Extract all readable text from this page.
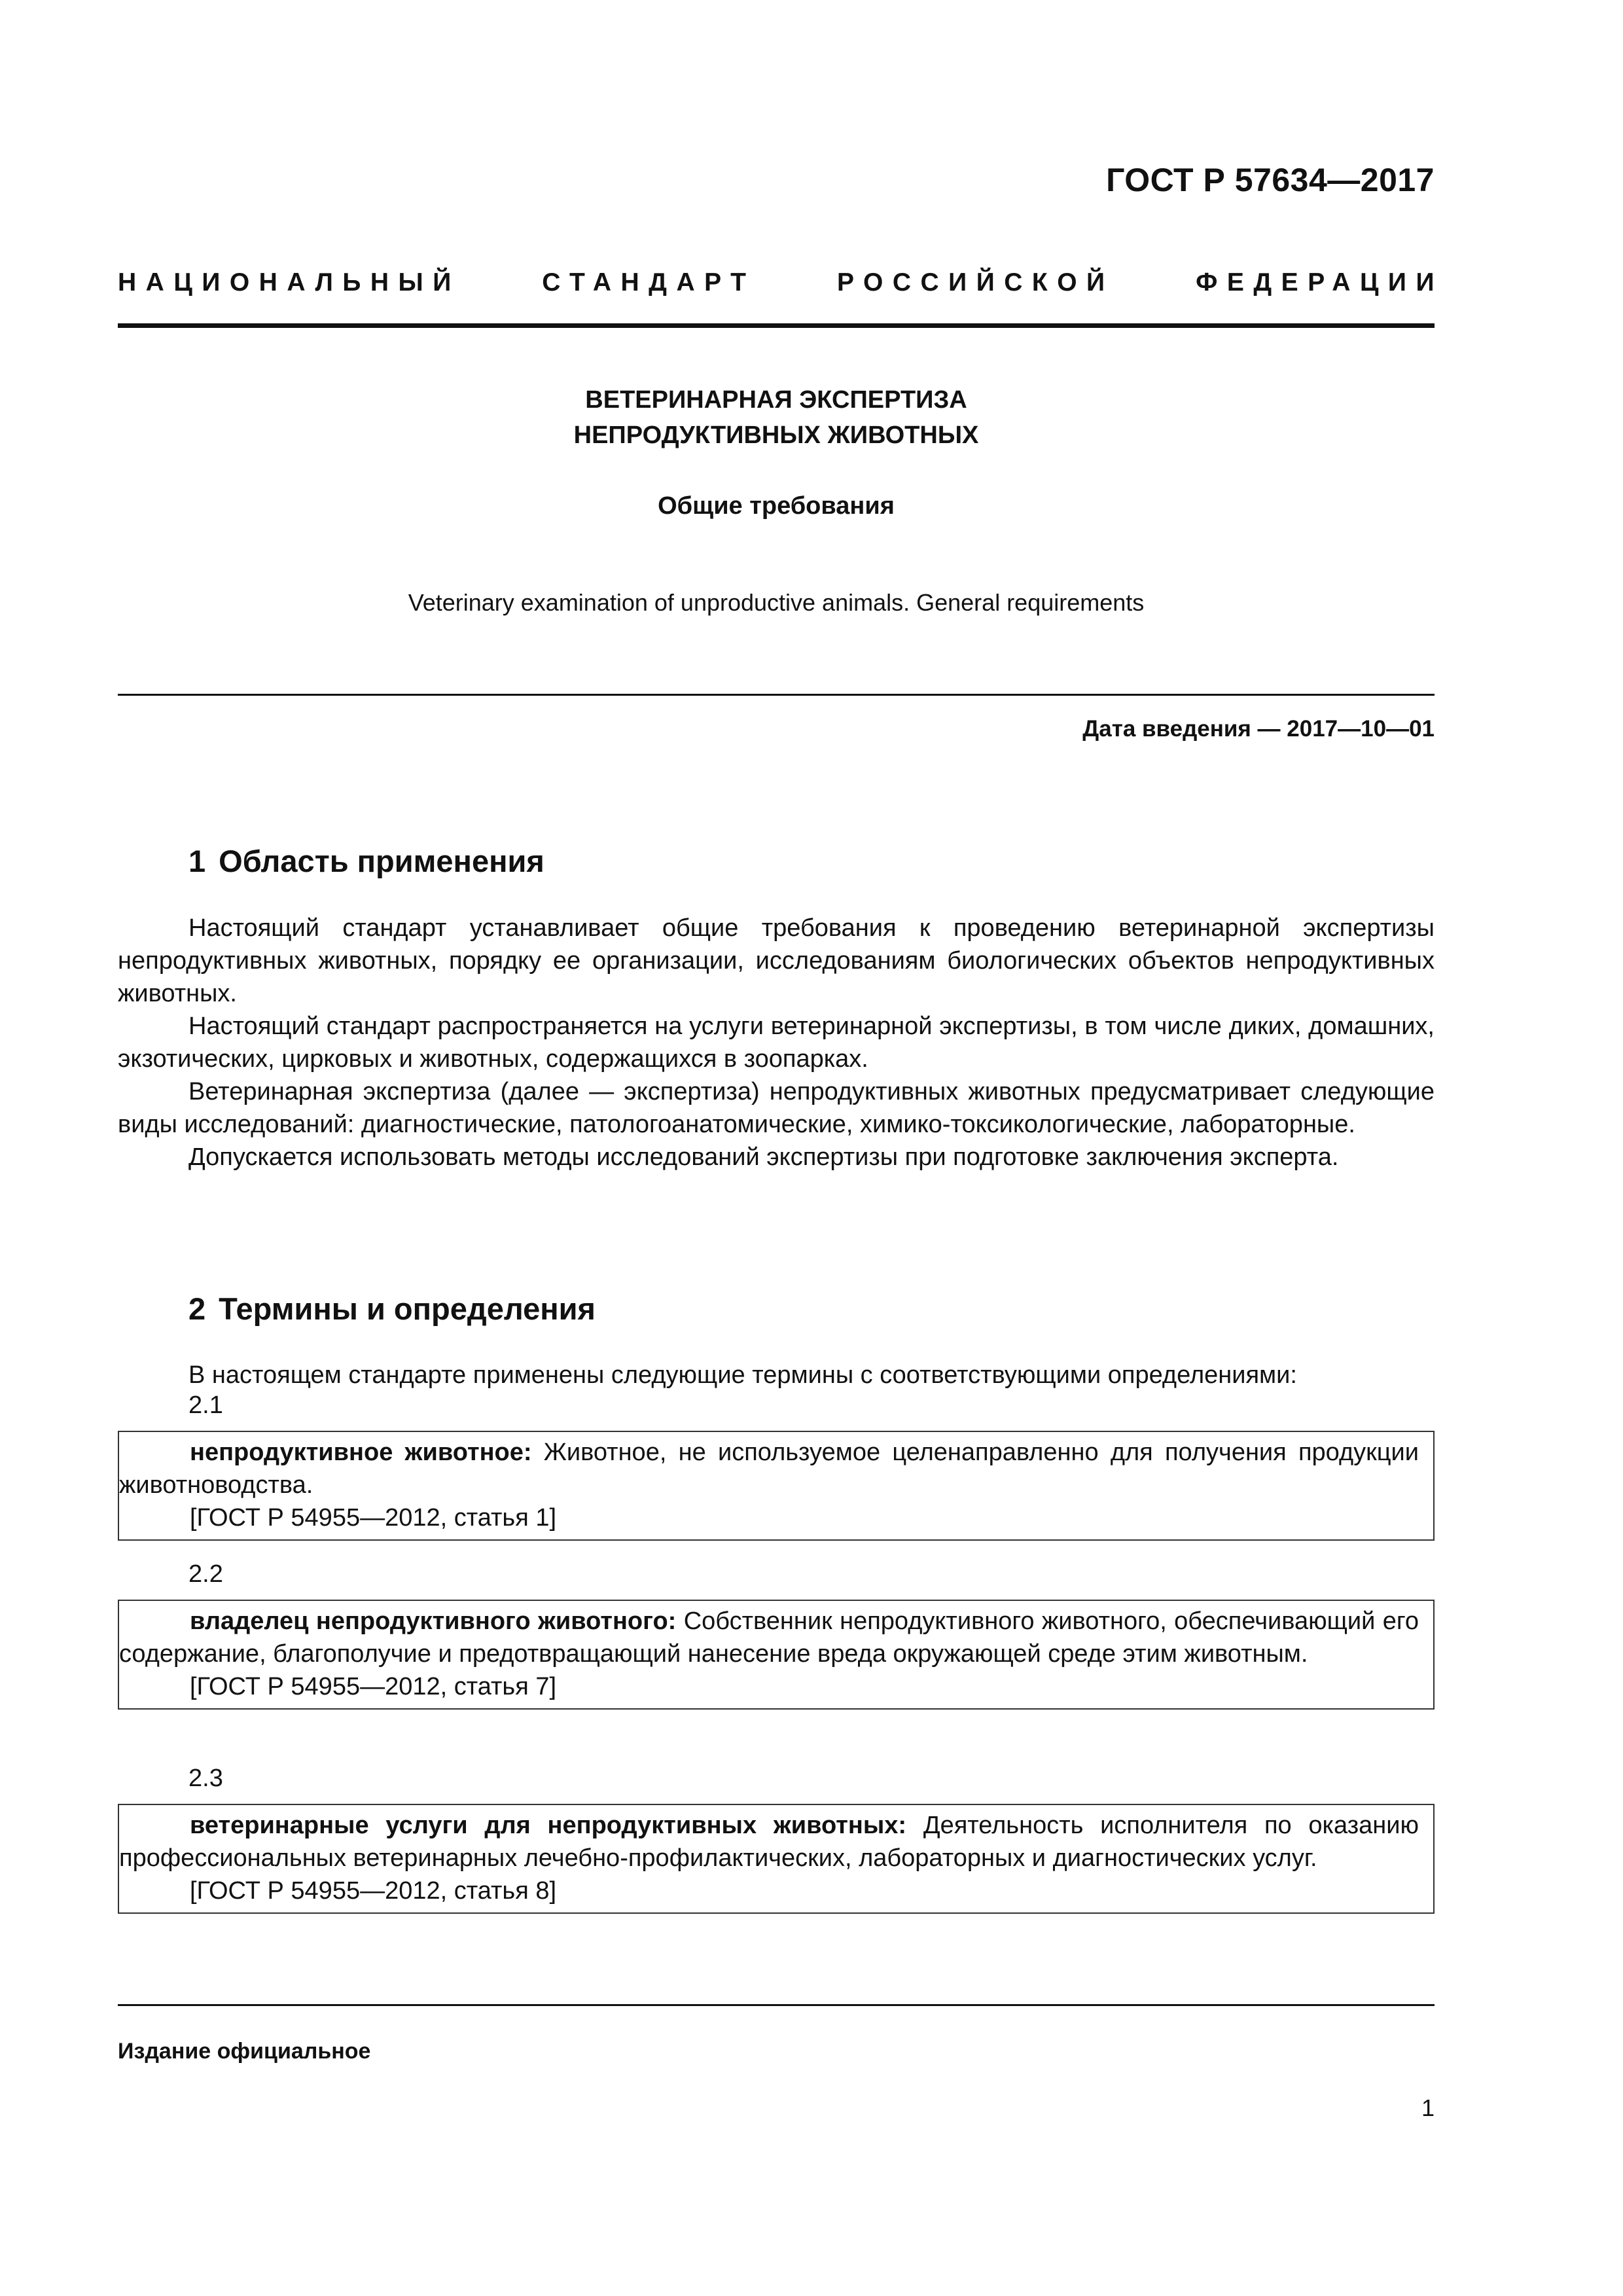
ГОСТ Р 57634—2017
НАЦИОНАЛЬНЫЙ	СТАНДАРТ	РОССИЙСКОЙ	ФЕДЕРАЦИИ
ВЕТЕРИНАРНАЯ ЭКСПЕРТИЗА
НЕПРОДУКТИВНЫХ ЖИВОТНЫХ
Общие требования
Veterinary examination of unproductive animals. General requirements
Дата введения — 2017—10—01
1 Область применения

Настоящий стандарт устанавливает общие требования к проведению ветеринарной экспертизы непродуктивных животных, порядку ее организации, исследованиям биологических объектов непродуктивных животных.

Настоящий стандарт распространяется на услуги ветеринарной экспертизы, в том числе диких, домашних, экзотических, цирковых и животных, содержащихся в зоопарках.

Ветеринарная экспертиза (далее — экспертиза) непродуктивных животных предусматривает следующие виды исследований: диагностические, патологоанатомические, химико-токсикологические, лабораторные.

Допускается использовать методы исследований экспертизы при подготовке заключения эксперта.

2 Термины и определения

В настоящем стандарте применены следующие термины с соответствующими определениями:

2.1

непродуктивное животное: Животное, не используемое целенаправленно для получения продукции животноводства.

[ГОСТ Р 54955—2012, статья 1]

2.2

владелец непродуктивного животного: Собственник непродуктивного животного, обеспечивающий его содержание, благополучие и предотвращающий нанесение вреда окружающей среде этим животным.

[ГОСТ Р 54955—2012, статья 7]

2.3

ветеринарные услуги для непродуктивных животных: Деятельность исполнителя по оказанию профессиональных ветеринарных лечебно-профилактических, лабораторных и диагностических услуг.

[ГОСТ Р 54955—2012, статья 8]

Издание официальное
1
